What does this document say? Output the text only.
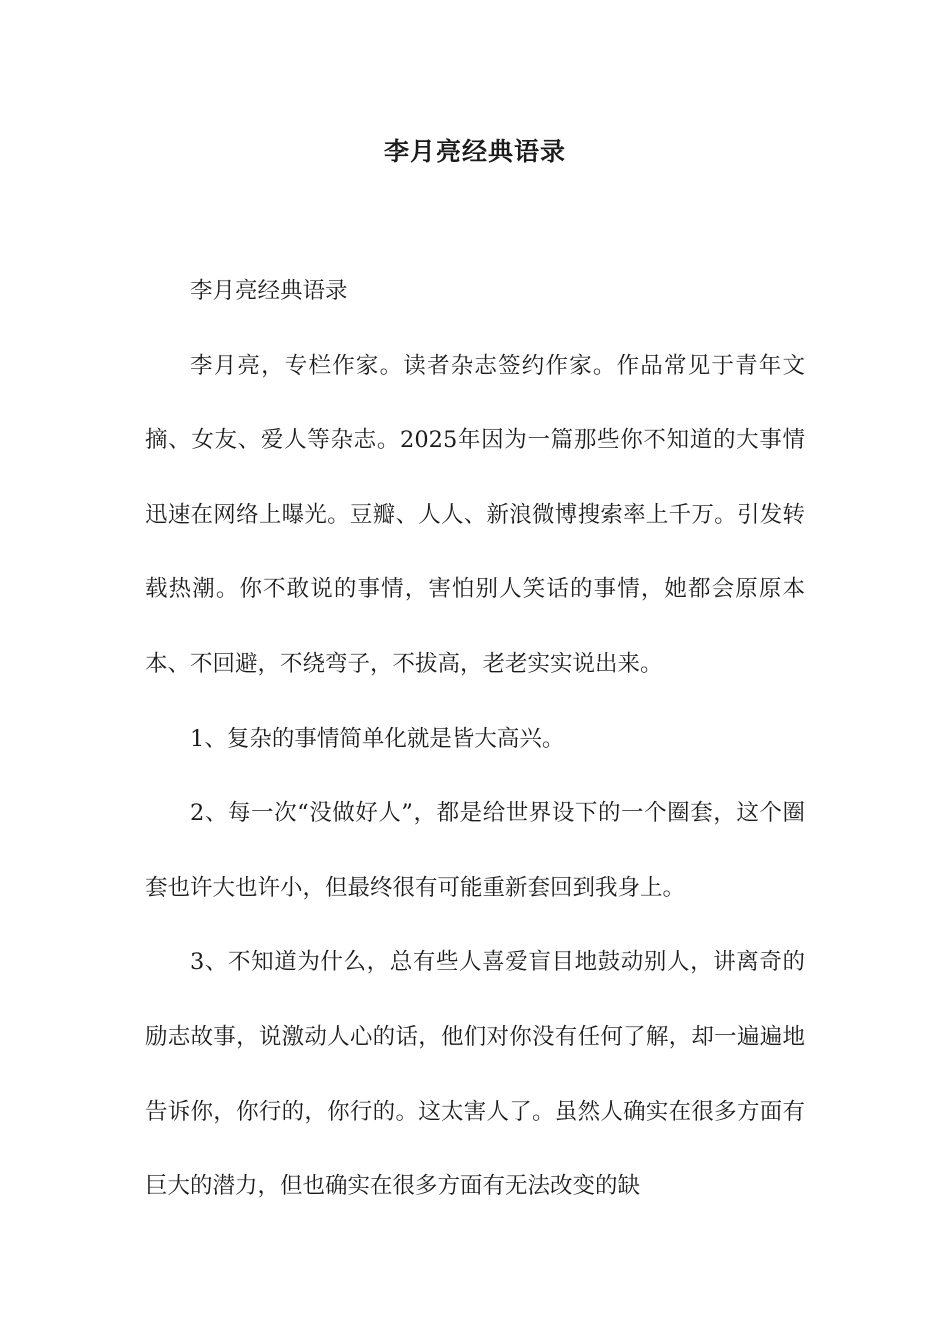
李月亮经典语录

李月亮经典语录

李月亮，专栏作家。读者杂志签约作家。作品常见于青年文摘、女友、爱人等杂志。2025年因为一篇那些你不知道的大事情迅速在网络上曝光。豆瓣、人人、新浪微博搜索率上千万。引发转载热潮。你不敢说的事情，害怕别人笑话的事情，她都会原原本本、不回避，不绕弯子，不拔高，老老实实说出来。

1、复杂的事情简单化就是皆大高兴。

2、每一次“没做好人”，都是给世界设下的一个圈套，这个圈套也许大也许小，但最终很有可能重新套回到我身上。

3、不知道为什么，总有些人喜爱盲目地鼓动别人，讲离奇的励志故事，说激动人心的话，他们对你没有任何了解，却一遍遍地告诉你，你行的，你行的。这太害人了。虽然人确实在很多方面有巨大的潜力，但也确实在很多方面有无法改变的缺
